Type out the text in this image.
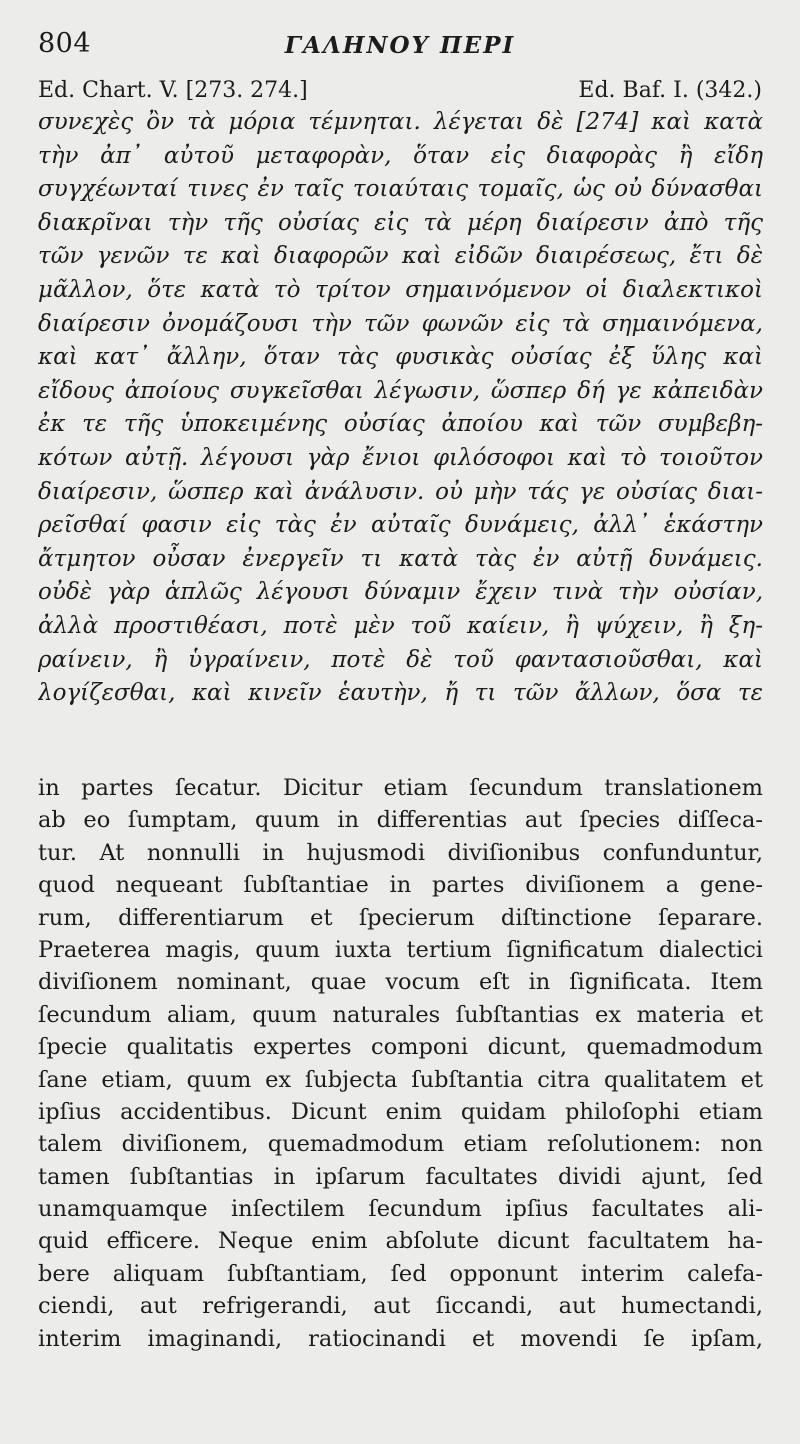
804	ΓΑΛΗΝΟΥ ΠΕΡΙ
Ed. Chart. V. [273. 274.]	Ed. Baf. I. (342.)
συνεχὲς ὂν τὰ μόρια τέμνηται. λέγεται δὲ [274] καὶ κατὰ
τὴν ἀπ᾽ αὐτοῦ μεταφορὰν, ὅταν εἰς διαφορὰς ἢ εἴδη
συγχέωνταί τινες ἐν ταῖς τοιαύταις τομαῖς, ὡς οὐ δύνασθαι
διακρῖναι τὴν τῆς οὐσίας εἰς τὰ μέρη διαίρεσιν ἀπὸ τῆς
τῶν γενῶν τε καὶ διαφορῶν καὶ εἰδῶν διαιρέσεως, ἔτι δὲ
μᾶλλον, ὅτε κατὰ τὸ τρίτον σημαινόμενον οἱ διαλεκτικοὶ
διαίρεσιν ὀνομάζουσι τὴν τῶν φωνῶν εἰς τὰ σημαινόμενα,
καὶ κατ᾽ ἄλλην, ὅταν τὰς φυσικὰς οὐσίας ἐξ ὕλης καὶ
εἴδους ἀποίους συγκεῖσθαι λέγωσιν, ὥσπερ δή γε κἀπειδὰν
ἐκ τε τῆς ὑποκειμένης οὐσίας ἀποίου καὶ τῶν συμβεβη-
κότων αὐτῇ. λέγουσι γὰρ ἔνιοι φιλόσοφοι καὶ τὸ τοιοῦτον
διαίρεσιν, ὥσπερ καὶ ἀνάλυσιν. οὐ μὴν τάς γε οὐσίας διαι-
ρεῖσθαί φασιν εἰς τὰς ἐν αὐταῖς δυνάμεις, ἀλλ᾽ ἑκάστην
ἄτμητον οὖσαν ἐνεργεῖν τι κατὰ τὰς ἐν αὐτῇ δυνάμεις.
οὐδὲ γὰρ ἁπλῶς λέγουσι δύναμιν ἔχειν τινὰ τὴν οὐσίαν,
ἀλλὰ προστιθέασι, ποτὲ μὲν τοῦ καίειν, ἢ ψύχειν, ἢ ξη-
ραίνειν, ἢ ὑγραίνειν, ποτὲ δὲ τοῦ φαντασιοῦσθαι, καὶ
λογίζεσθαι, καὶ κινεῖν ἑαυτὴν, ἤ τι τῶν ἄλλων, ὅσα τε
in partes ſecatur. Dicitur etiam ſecundum translationem
ab eo ſumptam, quum in differentias aut ſpecies diſſeca-
tur. At nonnulli in hujusmodi diviſionibus confunduntur,
quod nequeant ſubſtantiae in partes diviſionem a gene-
rum, differentiarum et ſpecierum diſtinctione ſeparare.
Praeterea magis, quum iuxta tertium ſignificatum dialectici
diviſionem nominant, quae vocum eſt in ſignificata. Item
ſecundum aliam, quum naturales ſubſtantias ex materia et
ſpecie qualitatis expertes componi dicunt, quemadmodum
ſane etiam, quum ex ſubjecta ſubſtantia citra qualitatem et
ipſius accidentibus. Dicunt enim quidam philoſophi etiam
talem diviſionem, quemadmodum etiam reſolutionem: non
tamen ſubſtantias in ipſarum facultates dividi ajunt, ſed
unamquamque inſectilem ſecundum ipſius facultates ali-
quid efficere. Neque enim abſolute dicunt facultatem ha-
bere aliquam ſubſtantiam, ſed opponunt interim calefa-
ciendi, aut refrigerandi, aut ſiccandi, aut humectandi,
interim imaginandi, ratiocinandi et movendi ſe ipſam,
